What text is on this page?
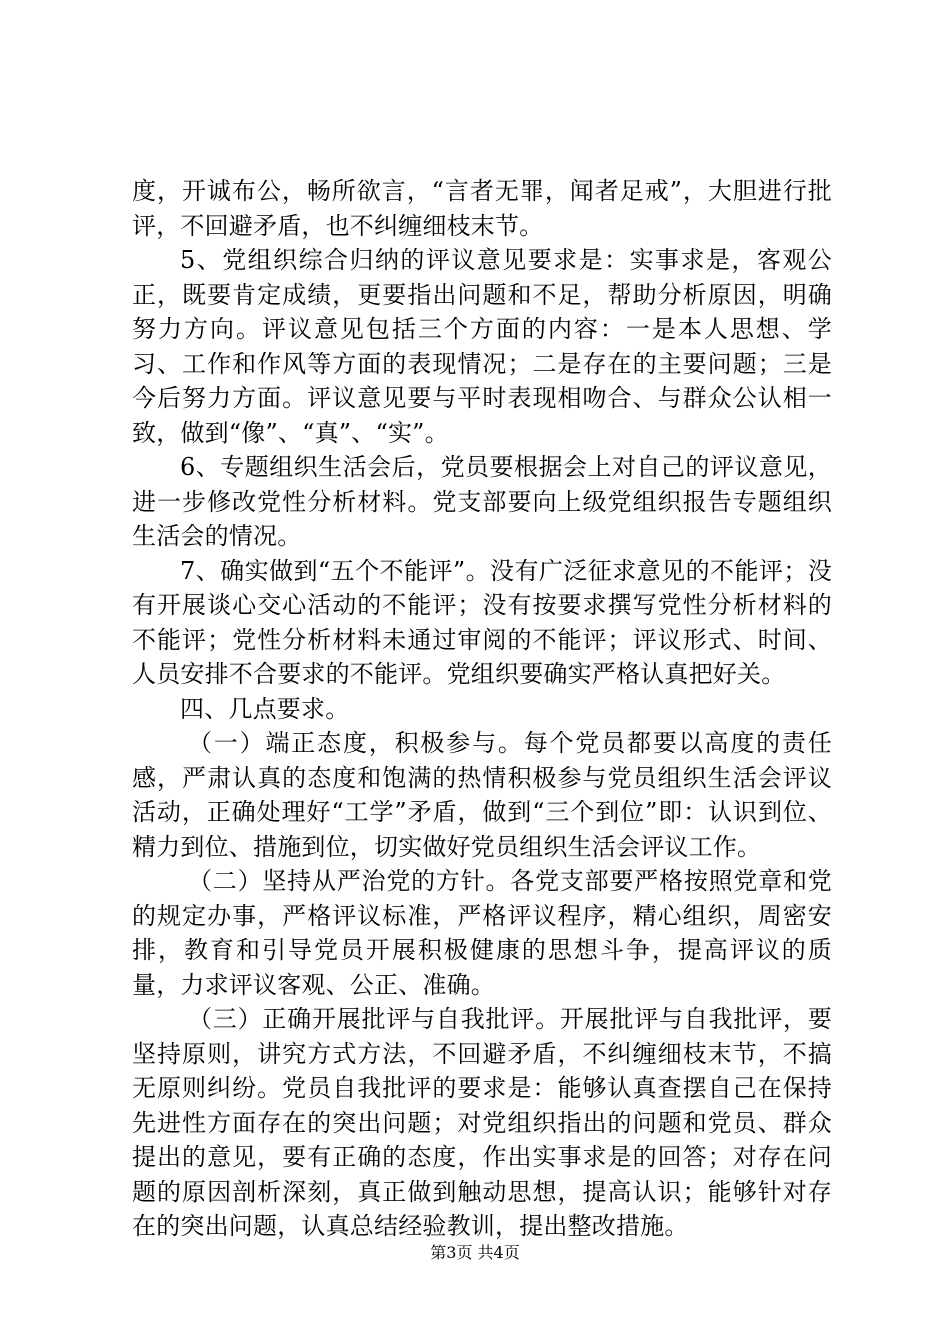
度，开诚布公，畅所欲言，“言者无罪，闻者足戒”，大胆进行批评，不回避矛盾，也不纠缠细枝末节。

5、党组织综合归纳的评议意见要求是：实事求是，客观公正，既要肯定成绩，更要指出问题和不足，帮助分析原因，明确努力方向。评议意见包括三个方面的内容：一是本人思想、学习、工作和作风等方面的表现情况；二是存在的主要问题；三是今后努力方面。评议意见要与平时表现相吻合、与群众公认相一致，做到“像”、“真”、“实”。

6、专题组织生活会后，党员要根据会上对自己的评议意见，进一步修改党性分析材料。党支部要向上级党组织报告专题组织生活会的情况。

7、确实做到“五个不能评”。没有广泛征求意见的不能评；没有开展谈心交心活动的不能评；没有按要求撰写党性分析材料的不能评；党性分析材料未通过审阅的不能评；评议形式、时间、人员安排不合要求的不能评。党组织要确实严格认真把好关。

四、几点要求。

（一）端正态度，积极参与。每个党员都要以高度的责任感，严肃认真的态度和饱满的热情积极参与党员组织生活会评议活动，正确处理好“工学”矛盾，做到“三个到位”即：认识到位、精力到位、措施到位，切实做好党员组织生活会评议工作。

（二）坚持从严治党的方针。各党支部要严格按照党章和党的规定办事，严格评议标准，严格评议程序，精心组织，周密安排，教育和引导党员开展积极健康的思想斗争，提高评议的质量，力求评议客观、公正、准确。

（三）正确开展批评与自我批评。开展批评与自我批评，要坚持原则，讲究方式方法，不回避矛盾，不纠缠细枝末节，不搞无原则纠纷。党员自我批评的要求是：能够认真查摆自己在保持先进性方面存在的突出问题；对党组织指出的问题和党员、群众提出的意见，要有正确的态度，作出实事求是的回答；对存在问题的原因剖析深刻，真正做到触动思想，提高认识；能够针对存在的突出问题，认真总结经验教训，提出整改措施。

第3页 共4页
